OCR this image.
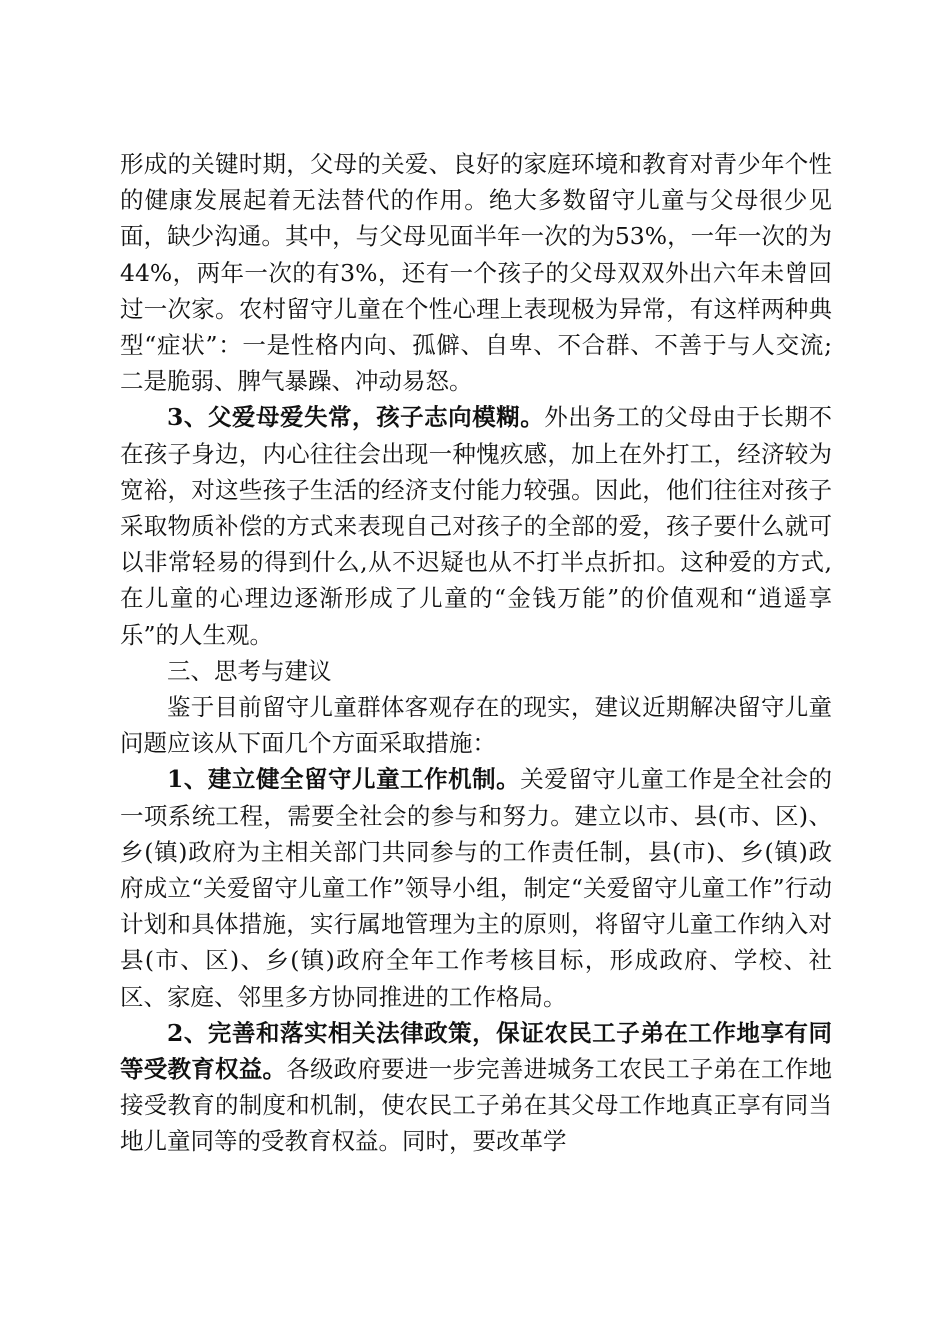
形成的关键时期，父母的关爱、良好的家庭环境和教育对青少年个性的健康发展起着无法替代的作用。绝大多数留守儿童与父母很少见面，缺少沟通。其中，与父母见面半年一次的为53%，一年一次的为44%，两年一次的有3%，还有一个孩子的父母双双外出六年未曾回过一次家。农村留守儿童在个性心理上表现极为异常，有这样两种典型“症状”：一是性格内向、孤僻、自卑、不合群、不善于与人交流;二是脆弱、脾气暴躁、冲动易怒。

3、父爱母爱失常，孩子志向模糊。外出务工的父母由于长期不在孩子身边，内心往往会出现一种愧疚感，加上在外打工，经济较为宽裕，对这些孩子生活的经济支付能力较强。因此，他们往往对孩子采取物质补偿的方式来表现自己对孩子的全部的爱，孩子要什么就可以非常轻易的得到什么,从不迟疑也从不打半点折扣。这种爱的方式,在儿童的心理边逐渐形成了儿童的“金钱万能”的价值观和“逍遥享乐”的人生观。

三、思考与建议

鉴于目前留守儿童群体客观存在的现实，建议近期解决留守儿童问题应该从下面几个方面采取措施：

1、建立健全留守儿童工作机制。关爱留守儿童工作是全社会的一项系统工程，需要全社会的参与和努力。建立以市、县(市、区)、乡(镇)政府为主相关部门共同参与的工作责任制，县(市)、乡(镇)政府成立“关爱留守儿童工作”领导小组，制定“关爱留守儿童工作”行动计划和具体措施，实行属地管理为主的原则，将留守儿童工作纳入对县(市、区)、乡(镇)政府全年工作考核目标，形成政府、学校、社区、家庭、邻里多方协同推进的工作格局。

2、完善和落实相关法律政策，保证农民工子弟在工作地享有同等受教育权益。各级政府要进一步完善进城务工农民工子弟在工作地接受教育的制度和机制，使农民工子弟在其父母工作地真正享有同当地儿童同等的受教育权益。同时，要改革学
